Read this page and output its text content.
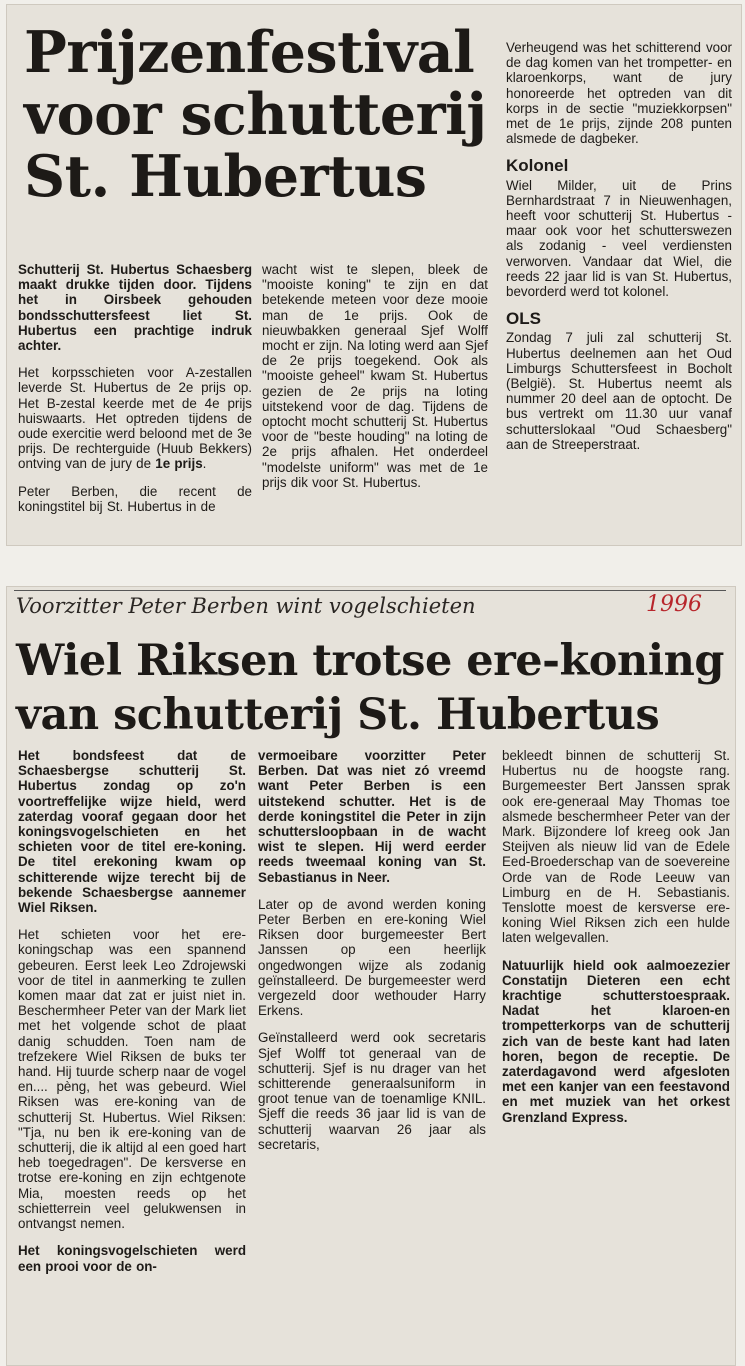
Prijzenfestival
voor schutterij
St. Hubertus

Schutterij St. Hubertus Schaesberg maakt drukke tijden door. Tijdens het in Oirsbeek gehouden bondsschuttersfeest liet St. Hubertus een prachtige indruk achter.

Het korpsschieten voor A-zestallen leverde St. Hubertus de 2e prijs op. Het B-zestal keerde met de 4e prijs huiswaarts. Het optreden tijdens de oude exercitie werd beloond met de 3e prijs. De rechterguide (Huub Bekkers) ontving van de jury de 1e prijs.

Peter Berben, die recent de koningstitel bij St. Hubertus in de

wacht wist te slepen, bleek de "mooiste koning" te zijn en dat betekende meteen voor deze mooie man de 1e prijs. Ook de nieuwbakken generaal Sjef Wolff mocht er zijn. Na loting werd aan Sjef de 2e prijs toegekend. Ook als "mooiste geheel" kwam St. Hubertus gezien de 2e prijs na loting uitstekend voor de dag. Tijdens de optocht mocht schutterij St. Hubertus voor de "beste houding" na loting de 2e prijs afhalen. Het onderdeel "modelste uniform" was met de 1e prijs dik voor St. Hubertus.

Verheugend was het schitterend voor de dag komen van het trompetter- en klaroenkorps, want de jury honoreerde het optreden van dit korps in de sectie "muziekkorpsen" met de 1e prijs, zijnde 208 punten alsmede de dagbeker.

Kolonel

Wiel Milder, uit de Prins Bernhardstraat 7 in Nieuwenhagen, heeft voor schutterij St. Hubertus - maar ook voor het schutterswezen als zodanig - veel verdiensten verworven. Vandaar dat Wiel, die reeds 22 jaar lid is van St. Hubertus, bevorderd werd tot kolonel.

OLS

Zondag 7 juli zal schutterij St. Hubertus deelnemen aan het Oud Limburgs Schuttersfeest in Bocholt (België). St. Hubertus neemt als nummer 20 deel aan de optocht. De bus vertrekt om 11.30 uur vanaf schutterslokaal "Oud Schaesberg" aan de Streeperstraat.

Voorzitter Peter Berben wint vogelschieten	1996
Wiel Riksen trotse ere-koning
van schutterij St. Hubertus

Het bondsfeest dat de Schaesbergse schutterij St. Hubertus zondag op zo'n voortreffelijke wijze hield, werd zaterdag vooraf gegaan door het koningsvogelschieten en het schieten voor de titel ere-koning. De titel erekoning kwam op schitterende wijze terecht bij de bekende Schaesbergse aannemer Wiel Riksen.

Het schieten voor het ere-koningschap was een spannend gebeuren. Eerst leek Leo Zdrojewski voor de titel in aanmerking te zullen komen maar dat zat er juist niet in. Beschermheer Peter van der Mark liet met het volgende schot de plaat danig schudden. Toen nam de trefzekere Wiel Riksen de buks ter hand. Hij tuurde scherp naar de vogel en.... pèng, het was gebeurd. Wiel Riksen was ere-koning van de schutterij St. Hubertus. Wiel Riksen: "Tja, nu ben ik ere-koning van de schutterij, die ik altijd al een goed hart heb toegedragen". De kersverse en trotse ere-koning en zijn echtgenote Mia, moesten reeds op het schietterrein veel gelukwensen in ontvangst nemen.

Het koningsvogelschieten werd een prooi voor de on-

vermoeibare voorzitter Peter Berben. Dat was niet zó vreemd want Peter Berben is een uitstekend schutter. Het is de derde koningstitel die Peter in zijn schuttersloopbaan in de wacht wist te slepen. Hij werd eerder reeds tweemaal koning van St. Sebastianus in Neer.

Later op de avond werden koning Peter Berben en ere-koning Wiel Riksen door burgemeester Bert Janssen op een heerlijk ongedwongen wijze als zodanig geïnstalleerd. De burgemeester werd vergezeld door wethouder Harry Erkens.

Geïnstalleerd werd ook secretaris Sjef Wolff tot generaal van de schutterij. Sjef is nu drager van het schitterende generaalsuniform in groot tenue van de toenamlige KNIL. Sjeff die reeds 36 jaar lid is van de schutterij waarvan 26 jaar als secretaris,

bekleedt binnen de schutterij St. Hubertus nu de hoogste rang. Burgemeester Bert Janssen sprak ook ere-generaal May Thomas toe alsmede beschermheer Peter van der Mark. Bijzondere lof kreeg ook Jan Steijven als nieuw lid van de Edele Eed-Broederschap van de soevereine Orde van de Rode Leeuw van Limburg en de H. Sebastianis. Tenslotte moest de kersverse ere-koning Wiel Riksen zich een hulde laten welgevallen.

Natuurlijk hield ook aalmoezezier Constatijn Dieteren een echt krachtige schutterstoespraak. Nadat het klaroen-en trompetterkorps van de schutterij zich van de beste kant had laten horen, begon de receptie. De zaterdagavond werd afgesloten met een kanjer van een feestavond en met muziek van het orkest Grenzland Express.
